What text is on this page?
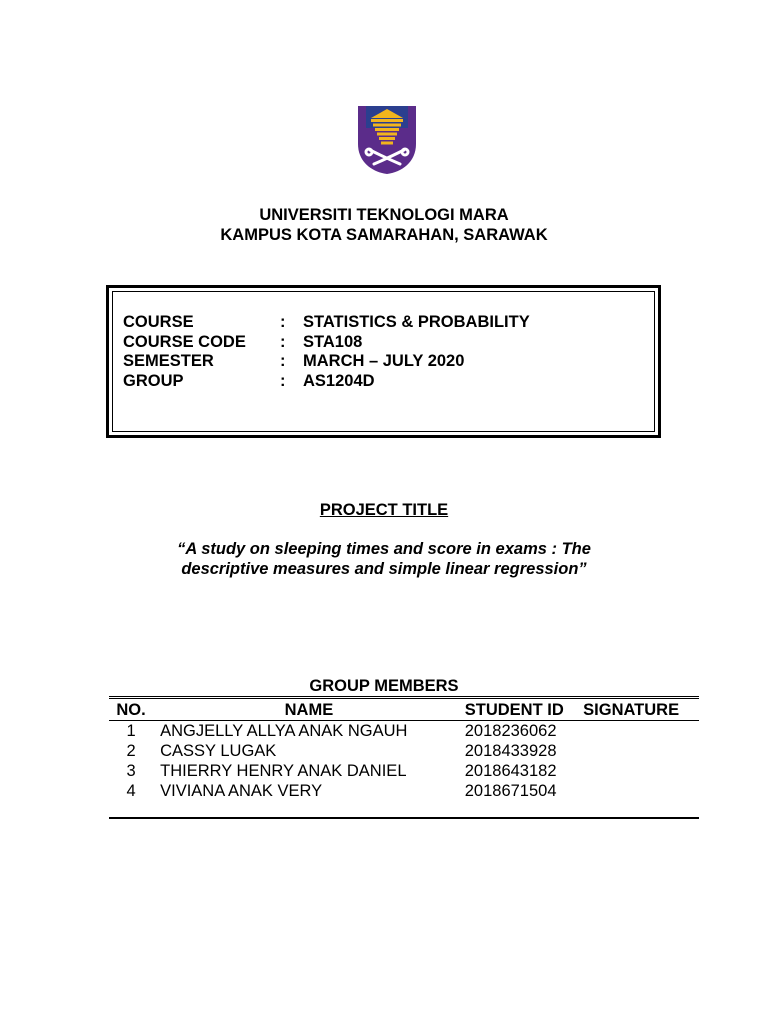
UNIVERSITI TEKNOLOGI MARA
KAMPUS KOTA SAMARAHAN, SARAWAK
COURSE	: STATISTICS & PROBABILITY
COURSE CODE : STA108
SEMESTER	: MARCH – JULY 2020
GROUP	: AS1204D
PROJECT TITLE
“A study on sleeping times and score in exams : The
descriptive measures and simple linear regression”
GROUP MEMBERS
NO.	NAME	STUDENT ID	SIGNATURE
1	ANGJELLY ALLYA ANAK NGAUH	2018236062	
2	CASSY LUGAK	2018433928	
3	THIERRY HENRY ANAK DANIEL	2018643182	
4	VIVIANA ANAK VERY	2018671504	
